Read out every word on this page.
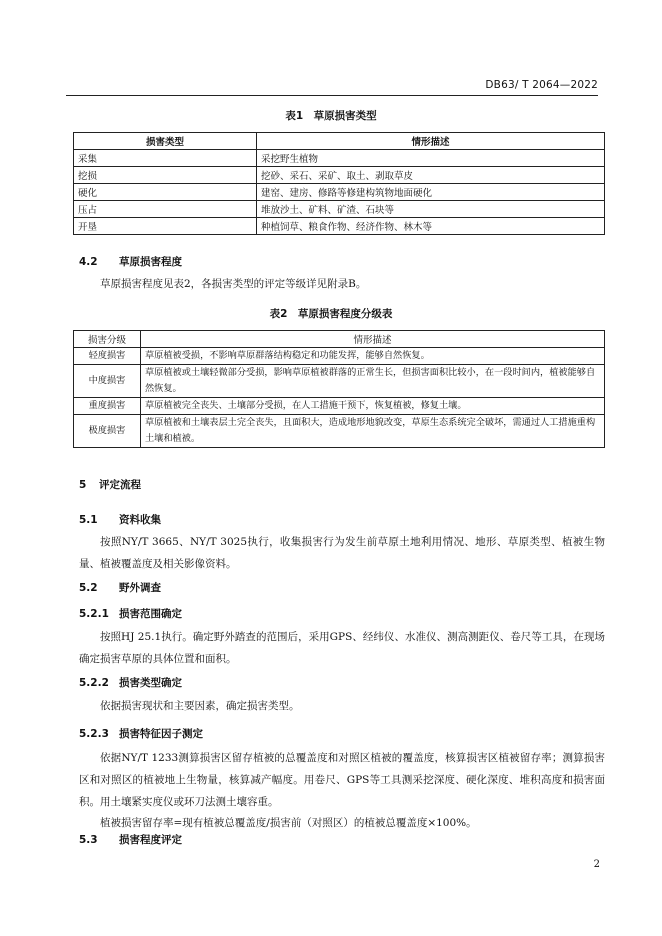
DB63/ T 2064—2022
表1　草原损害类型
损害类型	情形描述
采集	采挖野生植物
挖损	挖砂、采石、采矿、取土、剥取草皮
硬化	建窑、建房、修路等修建构筑物地面硬化
压占	堆放沙土、矿料、矿渣、石块等
开垦	种植饲草、粮食作物、经济作物、林木等
4.2 草原损害程度
草原损害程度见表2，各损害类型的评定等级详见附录B。
表2　草原损害程度分级表
损害分级	情形描述
轻度损害	草原植被受损，不影响草原群落结构稳定和功能发挥，能够自然恢复。
中度损害	草原植被或土壤轻微部分受损，影响草原植被群落的正常生长，但损害面积比较小，在一段时间内，植被能够自然恢复。
重度损害	草原植被完全丧失、土壤部分受损，在人工措施干预下，恢复植被，修复土壤。
极度损害	草原植被和土壤表层土完全丧失，且面积大，造成地形地貌改变，草原生态系统完全破坏，需通过人工措施重构土壤和植被。
5 评定流程
5.1 资料收集
按照NY/T 3665、NY/T 3025执行，收集损害行为发生前草原土地利用情况、地形、草原类型、植被生物量、植被覆盖度及相关影像资料。
5.2 野外调查
5.2.1 损害范围确定
按照HJ 25.1执行。确定野外踏查的范围后，采用GPS、经纬仪、水准仪、测高测距仪、卷尺等工具，在现场确定损害草原的具体位置和面积。
5.2.2 损害类型确定
依据损害现状和主要因素，确定损害类型。
5.2.3 损害特征因子测定
依据NY/T 1233测算损害区留存植被的总覆盖度和对照区植被的覆盖度，核算损害区植被留存率；测算损害区和对照区的植被地上生物量，核算减产幅度。用卷尺、GPS等工具测采挖深度、硬化深度、堆积高度和损害面积。用土壤紧实度仪或环刀法测土壤容重。
植被损害留存率=现有植被总覆盖度/损害前（对照区）的植被总覆盖度×100%。
5.3 损害程度评定
2
